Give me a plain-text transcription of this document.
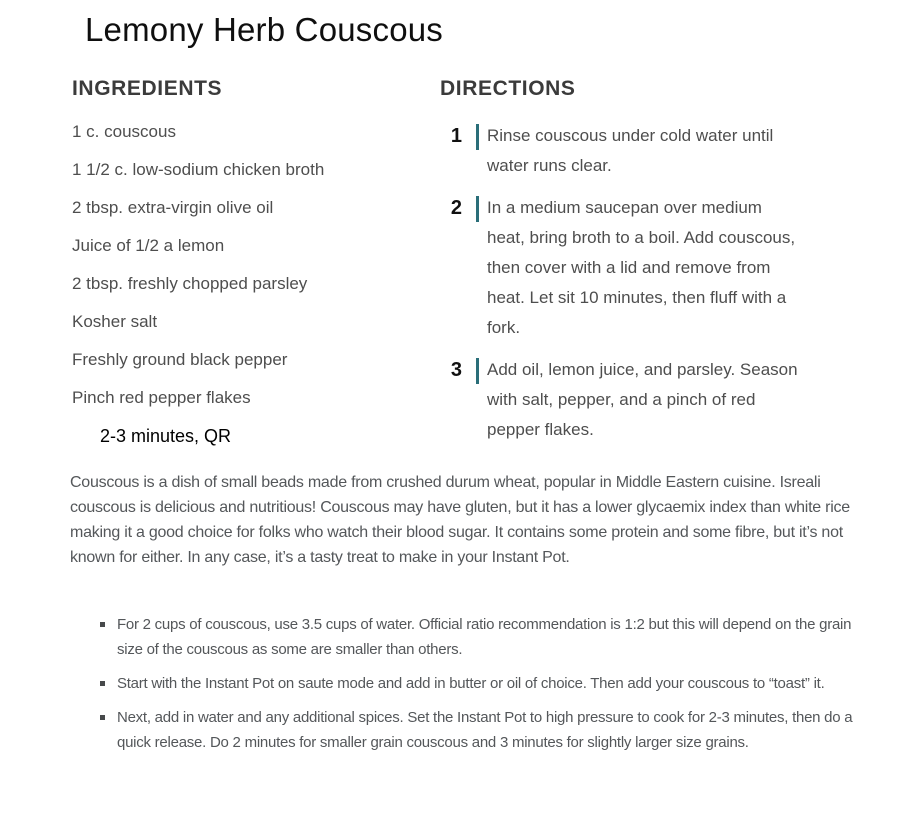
Lemony Herb Couscous
INGREDIENTS
1 c. couscous
1 1/2 c. low-sodium chicken broth
2 tbsp. extra-virgin olive oil
Juice of 1/2 a lemon
2 tbsp. freshly chopped parsley
Kosher salt
Freshly ground black pepper
Pinch red pepper flakes
2-3 minutes, QR
DIRECTIONS
1 Rinse couscous under cold water until water runs clear.
2 In a medium saucepan over medium heat, bring broth to a boil. Add couscous, then cover with a lid and remove from heat. Let sit 10 minutes, then fluff with a fork.
3 Add oil, lemon juice, and parsley. Season with salt, pepper, and a pinch of red pepper flakes.

Couscous is a dish of small beads made from crushed durum wheat, popular in Middle Eastern cuisine. Isreali couscous is delicious and nutritious! Couscous may have gluten, but it has a lower glycaemix index than white rice making it a good choice for folks who watch their blood sugar. It contains some protein and some fibre, but it’s not known for either. In any case, it’s a tasty treat to make in your Instant Pot.

For 2 cups of couscous, use 3.5 cups of water. Official ratio recommendation is 1:2 but this will depend on the grain size of the couscous as some are smaller than others.
Start with the Instant Pot on saute mode and add in butter or oil of choice. Then add your couscous to “toast” it.
Next, add in water and any additional spices. Set the Instant Pot to high pressure to cook for 2-3 minutes, then do a quick release. Do 2 minutes for smaller grain couscous and 3 minutes for slightly larger size grains.
